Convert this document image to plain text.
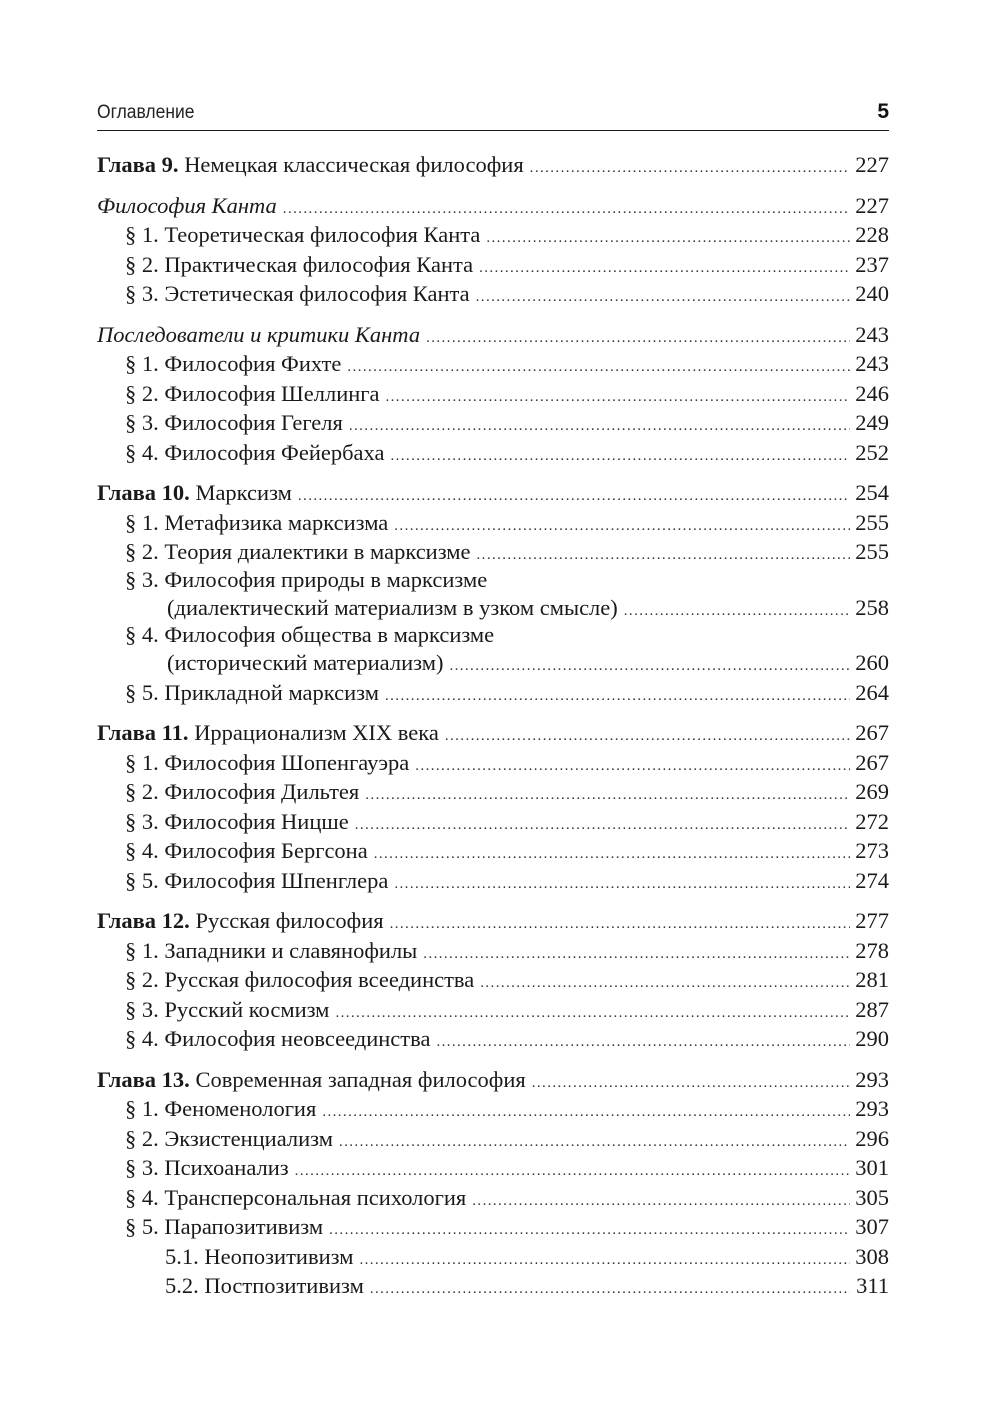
Оглавление	5
Глава 9. Немецкая классическая философия .....	227
Философия Канта .....	227
§ 1. Теоретическая философия Канта .....	228
§ 2. Практическая философия Канта .....	237
§ 3. Эстетическая философия Канта .....	240
Последователи и критики Канта .....	243
§ 1. Философия Фихте .....	243
§ 2. Философия Шеллинга .....	246
§ 3. Философия Гегеля .....	249
§ 4. Философия Фейербаха .....	252
Глава 10. Марксизм .....	254
§ 1. Метафизика марксизма .....	255
§ 2. Теория диалектики в марксизме .....	255
§ 3. Философия природы в марксизме
(диалектический материализм в узком смысле) .....	258
§ 4. Философия общества в марксизме
(исторический материализм) .....	260
§ 5. Прикладной марксизм .....	264
Глава 11. Иррационализм XIX века .....	267
§ 1. Философия Шопенгауэра .....	267
§ 2. Философия Дильтея .....	269
§ 3. Философия Ницше .....	272
§ 4. Философия Бергсона .....	273
§ 5. Философия Шпенглера .....	274
Глава 12. Русская философия .....	277
§ 1. Западники и славянофилы .....	278
§ 2. Русская философия всеединства .....	281
§ 3. Русский космизм .....	287
§ 4. Философия неовсеединства .....	290
Глава 13. Современная западная философия .....	293
§ 1. Феноменология .....	293
§ 2. Экзистенциализм .....	296
§ 3. Психоанализ .....	301
§ 4. Трансперсональная психология .....	305
§ 5. Парапозитивизм .....	307
5.1. Неопозитивизм .....	308
5.2. Постпозитивизм .....	311
